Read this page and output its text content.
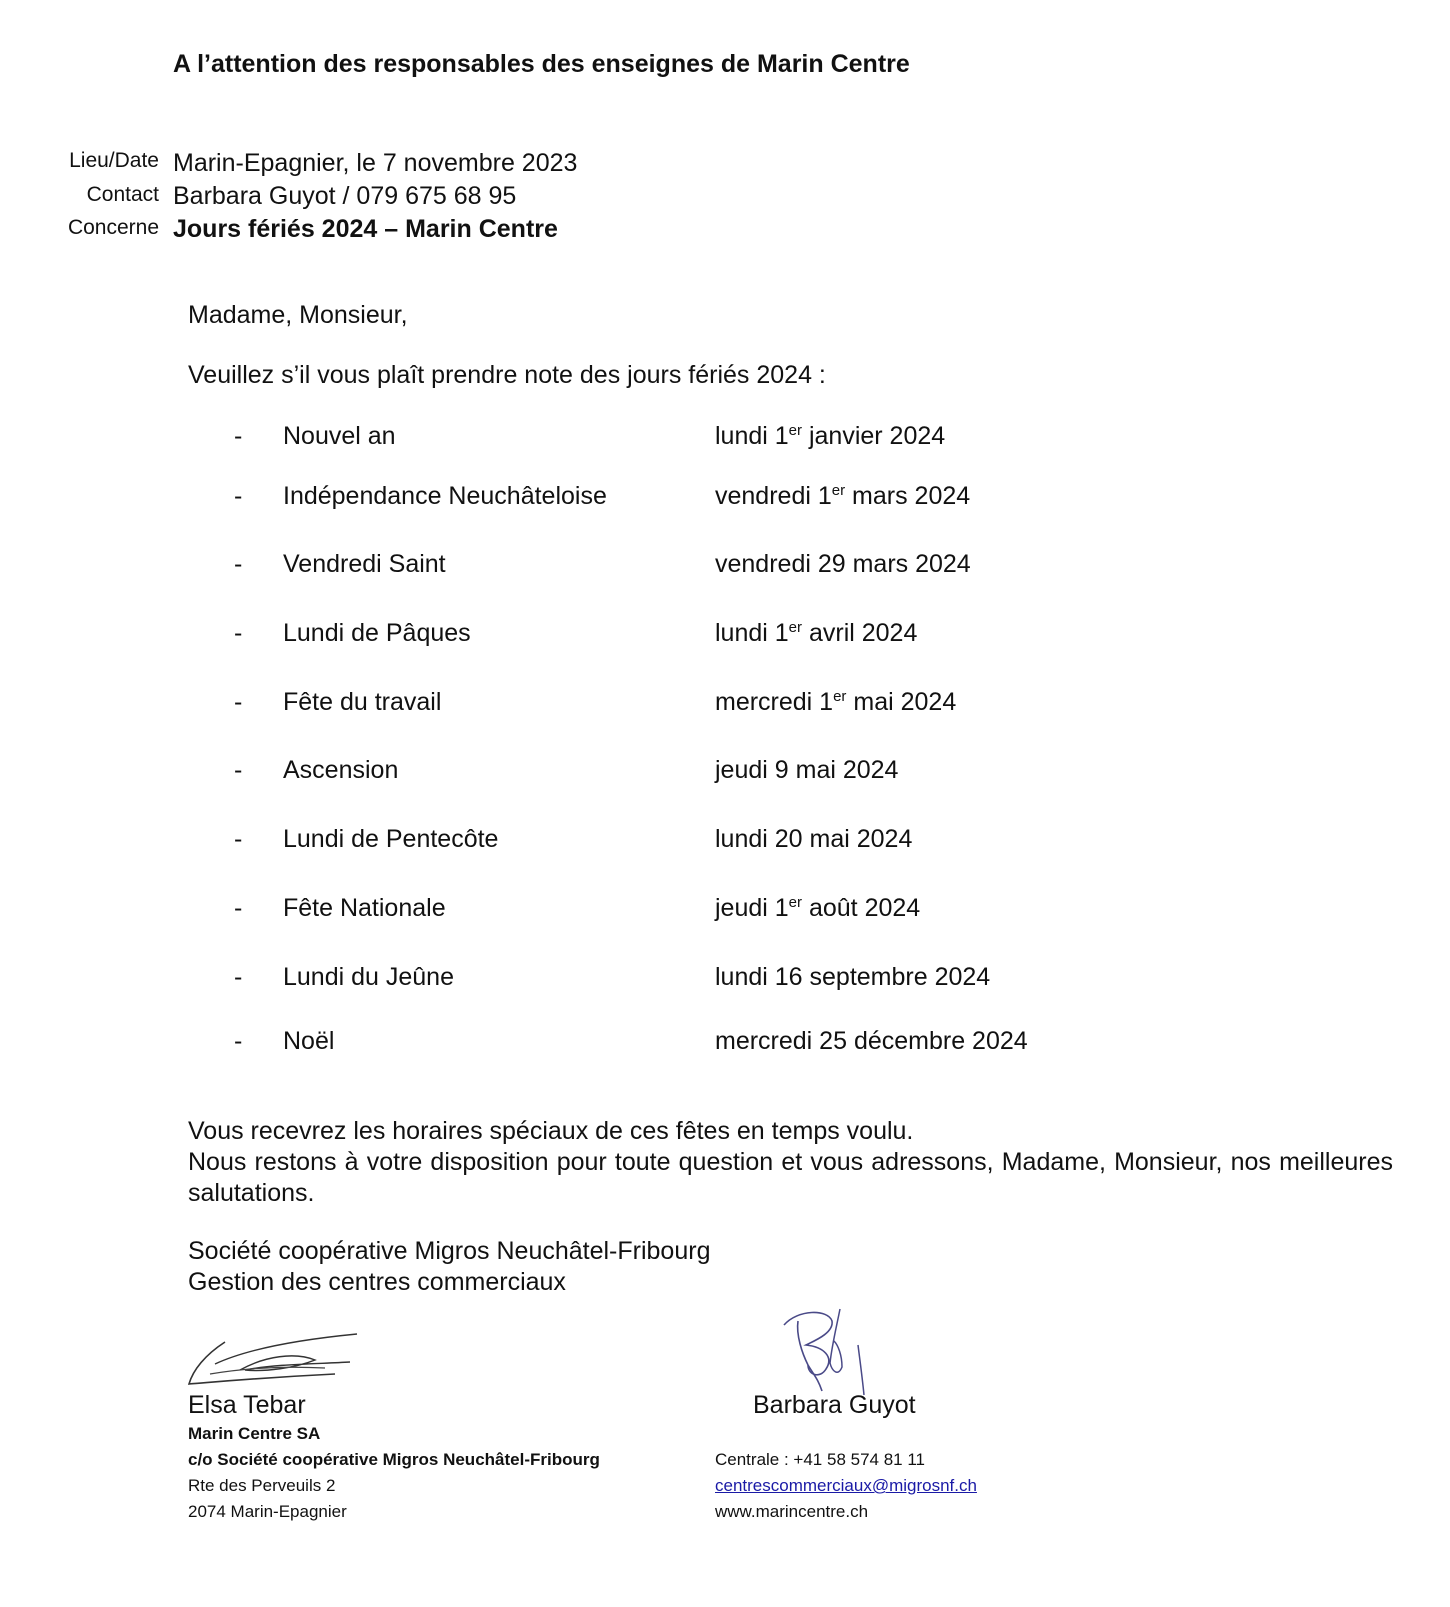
A l’attention des responsables des enseignes de Marin Centre
Lieu/Date Marin-Epagnier, le 7 novembre 2023
Contact Barbara Guyot / 079 675 68 95
Concerne Jours fériés 2024 – Marin Centre
Madame, Monsieur,
Veuillez s’il vous plaît prendre note des jours fériés 2024 :
- Nouvel an	lundi 1er janvier 2024
- Indépendance Neuchâteloise	vendredi 1er mars 2024
- Vendredi Saint	vendredi 29 mars 2024
- Lundi de Pâques	lundi 1er avril 2024
- Fête du travail	mercredi 1er mai 2024
- Ascension	jeudi 9 mai 2024
- Lundi de Pentecôte	lundi 20 mai 2024
- Fête Nationale	jeudi 1er août 2024
- Lundi du Jeûne	lundi 16 septembre 2024
- Noël	mercredi 25 décembre 2024

Vous recevrez les horaires spéciaux de ces fêtes en temps voulu.

Nous restons à votre disposition pour toute question et vous adressons, Madame, Monsieur, nos meilleures salutations.

Société coopérative Migros Neuchâtel-Fribourg

Gestion des centres commerciaux

Elsa Tebar	Barbara Guyot
Marin Centre SA
c/o Société coopérative Migros Neuchâtel-Fribourg
Rte des Perveuils 2
2074 Marin-Epagnier
Centrale : +41 58 574 81 11
centrescommerciaux@migrosnf.ch
www.marincentre.ch
